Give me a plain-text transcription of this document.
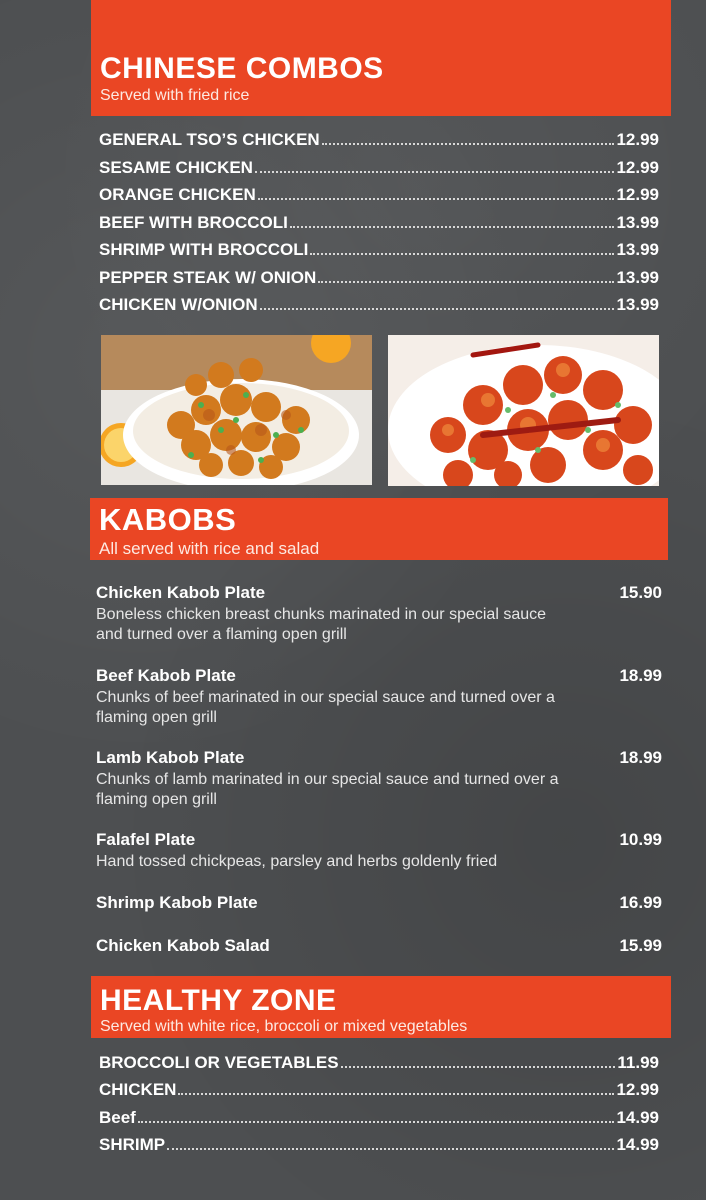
CHINESE COMBOS
Served with fried rice
GENERAL TSO’S CHICKEN	12.99
SESAME CHICKEN	12.99
ORANGE CHICKEN	12.99
BEEF WITH BROCCOLI	13.99
SHRIMP WITH BROCCOLI	13.99
PEPPER STEAK W/ ONION	13.99
CHICKEN W/ONION	13.99
KABOBS
All served with rice and salad
Chicken Kabob Plate	15.90
Boneless chicken breast chunks marinated in our special sauce and turned over a flaming open grill
Beef Kabob Plate	18.99
Chunks of beef marinated in our special sauce and turned over a flaming open grill
Lamb Kabob Plate	18.99
Chunks of lamb marinated in our special sauce and turned over a flaming open grill
Falafel Plate	10.99
Hand tossed chickpeas, parsley and herbs goldenly fried
Shrimp Kabob Plate	16.99
Chicken Kabob Salad	15.99
HEALTHY ZONE
Served with white rice, broccoli or mixed vegetables
BROCCOLI OR VEGETABLES	11.99
CHICKEN	12.99
Beef	14.99
SHRIMP	14.99
